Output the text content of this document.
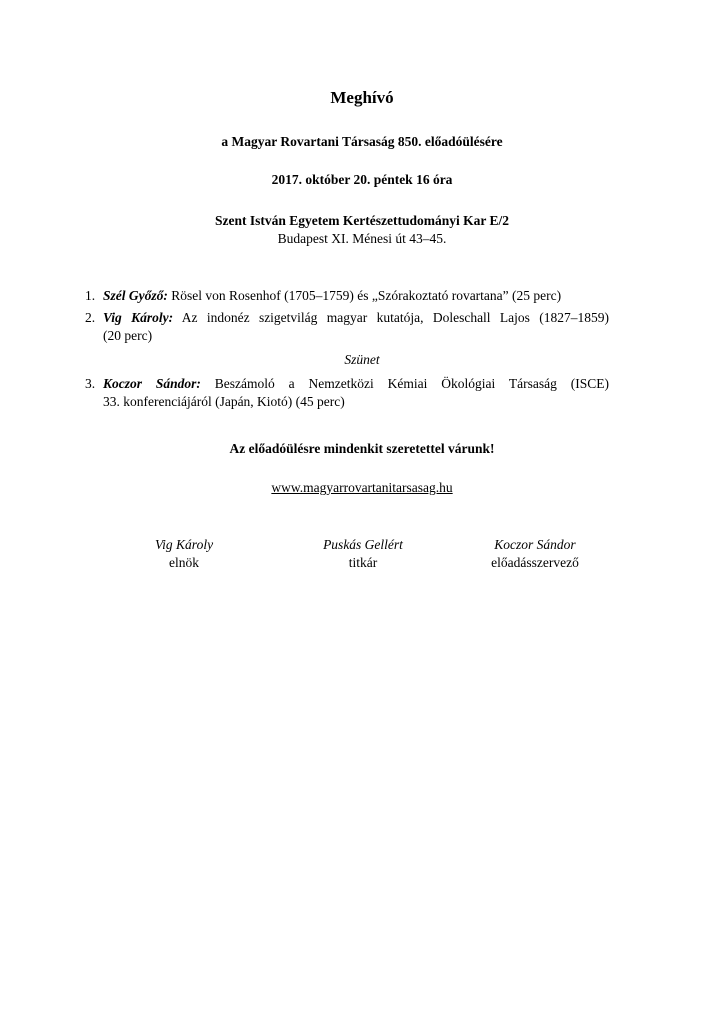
Meghívó
a Magyar Rovartani Társaság 850. előadóülésére
2017. október 20. péntek 16 óra
Szent István Egyetem Kertészettudományi Kar E/2
Budapest XI. Ménesi út 43–45.
1. Szél Győző: Rösel von Rosenhof (1705–1759) és „Szórakoztató rovartana” (25 perc)
2. Vig Károly: Az indonéz szigetvilág magyar kutatója, Doleschall Lajos (1827–1859)
(20 perc)
Szünet
3. Koczor Sándor: Beszámoló a Nemzetközi Kémiai Ökológiai Társaság (ISCE)
33. konferenciájáról (Japán, Kiotó) (45 perc)
Az előadóülésre mindenkit szeretettel várunk!
www.magyarrovartanitarsasag.hu
Vig Károly
elnök
Puskás Gellért
titkár
Koczor Sándor
előadásszervező
